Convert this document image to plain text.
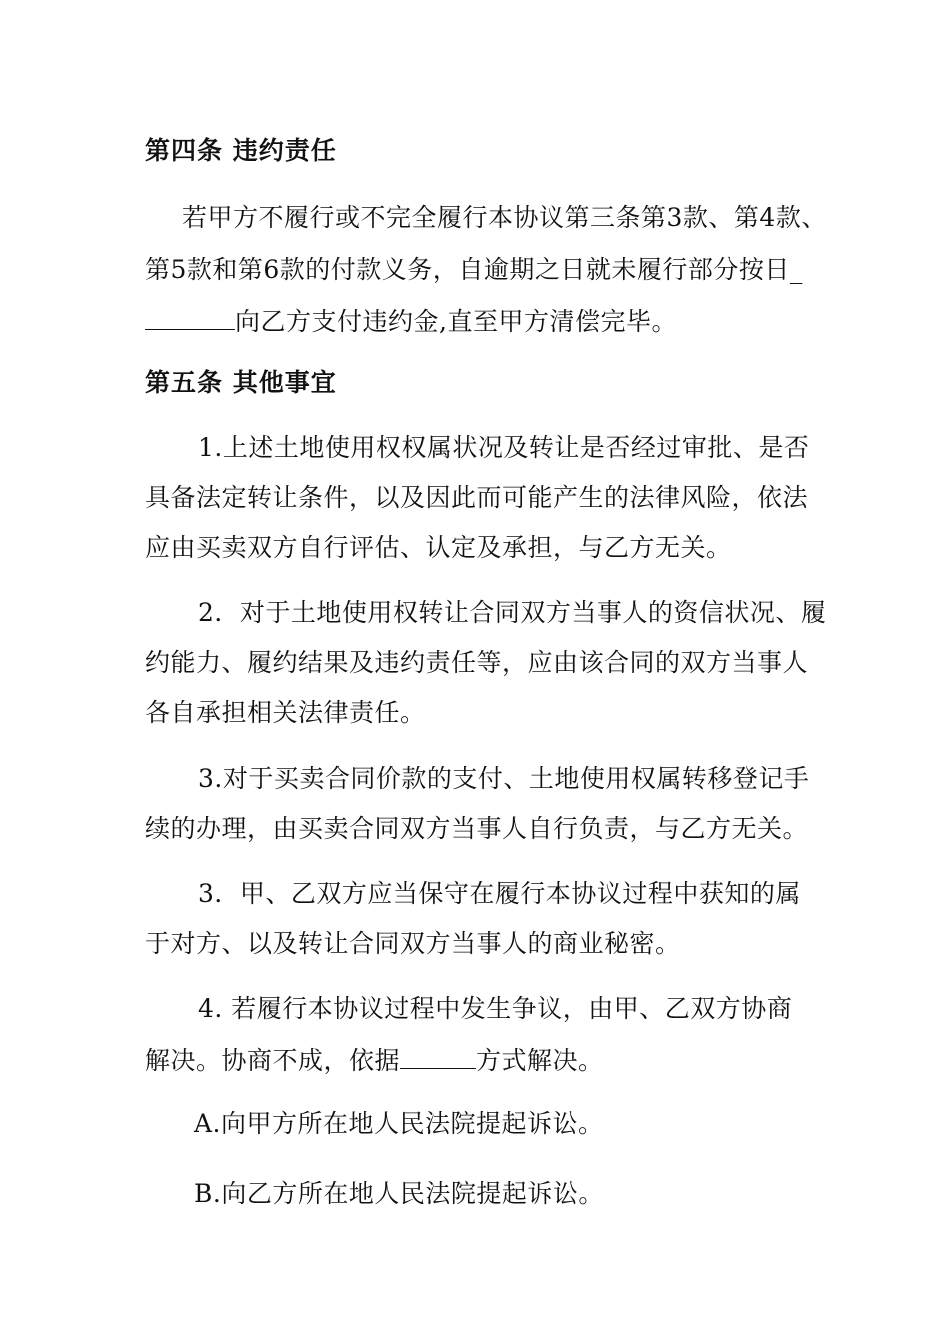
第四条 违约责任
若甲方不履行或不完全履行本协议第三条第3款、第4款、
第5款和第6款的付款义务，自逾期之日就未履行部分按日_
向乙方支付违约金,直至甲方清偿完毕。
第五条 其他事宜
1.上述土地使用权权属状况及转让是否经过审批、是否
具备法定转让条件，以及因此而可能产生的法律风险，依法
应由买卖双方自行评估、认定及承担，与乙方无关。
2．对于土地使用权转让合同双方当事人的资信状况、履
约能力、履约结果及违约责任等，应由该合同的双方当事人
各自承担相关法律责任。
3.对于买卖合同价款的支付、土地使用权属转移登记手
续的办理，由买卖合同双方当事人自行负责，与乙方无关。
3．甲、乙双方应当保守在履行本协议过程中获知的属
于对方、以及转让合同双方当事人的商业秘密。
4. 若履行本协议过程中发生争议，由甲、乙双方协商
解决。协商不成，依据	方式解决。
A.向甲方所在地人民法院提起诉讼。
B.向乙方所在地人民法院提起诉讼。
